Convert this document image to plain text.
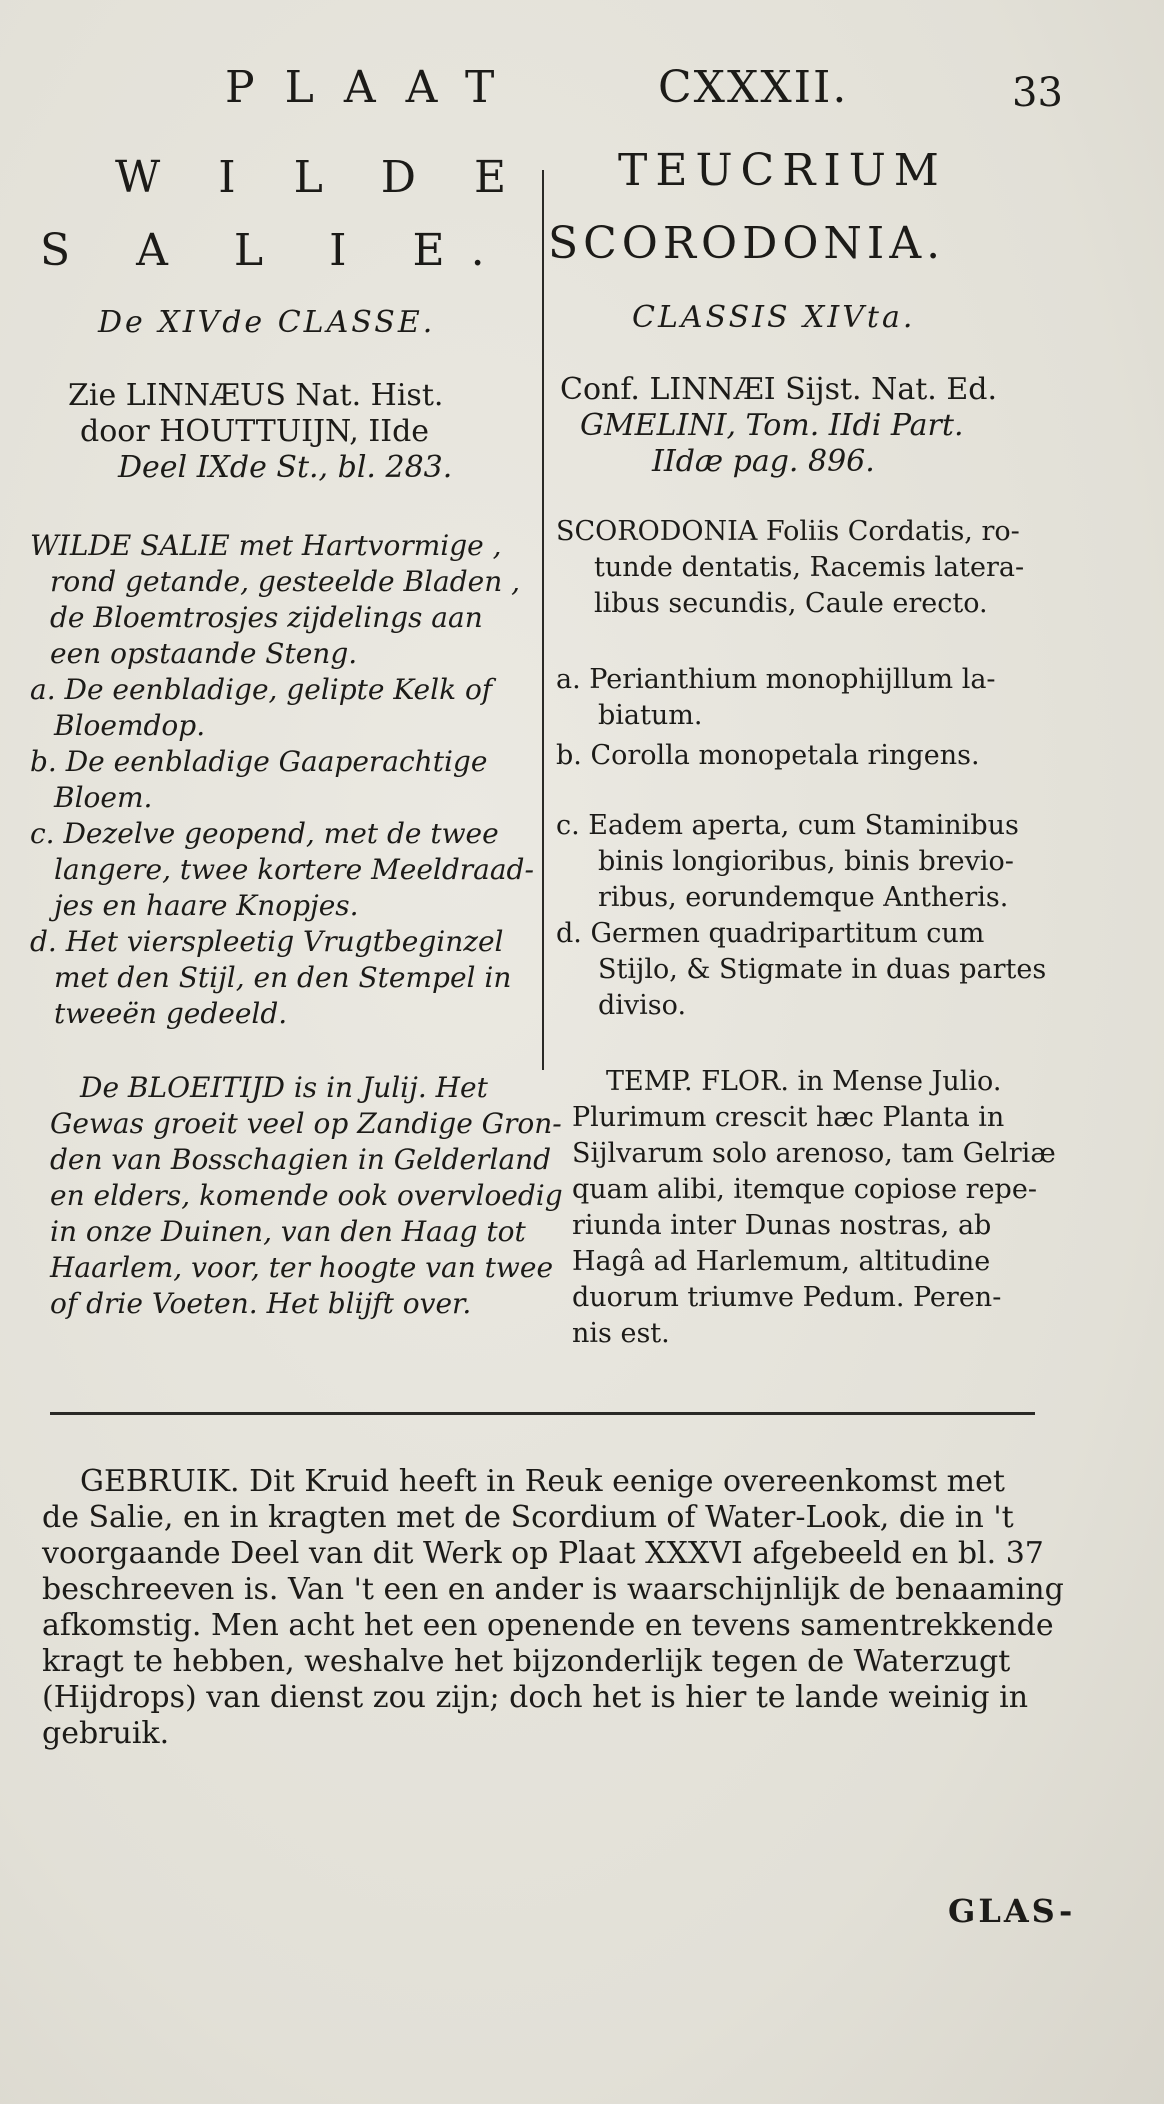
PLAAT	CXXXII.	33
W I L D E
S A L I E.
De XIVde CLASSE.
Zie LINNÆUS Nat. Hist.
door HOUTTUIJN, IIde
Deel IXde St., bl. 283.
WILDE SALIE met Hartvormige ,
rond getande, gesteelde Bladen ,
de Bloemtrosjes zijdelings aan
een opstaande Steng.
a. De eenbladige, gelipte Kelk of
Bloemdop.
b. De eenbladige Gaaperachtige
Bloem.
c. Dezelve geopend, met de twee
langere, twee kortere Meeldraad-
jes en haare Knopjes.
d. Het vierspleetig Vrugtbeginzel
met den Stijl, en den Stempel in
tweeën gedeeld.
De BLOEITIJD is in Julij. Het
Gewas groeit veel op Zandige Gron-
den van Bosschagien in Gelderland
en elders, komende ook overvloedig
in onze Duinen, van den Haag tot
Haarlem, voor, ter hoogte van twee
of drie Voeten. Het blijft over.
TEUCRIUM
SCORODONIA.
CLASSIS XIVta.
Conf. LINNÆI Sijst. Nat. Ed.
GMELINI, Tom. IIdi Part.
IIdæ pag. 896.
SCORODONIA Foliis Cordatis, ro-
tunde dentatis, Racemis latera-
libus secundis, Caule erecto.
a. Perianthium monophijllum la-
biatum.
b. Corolla monopetala ringens.
c. Eadem aperta, cum Staminibus
binis longioribus, binis brevio-
ribus, eorundemque Antheris.
d. Germen quadripartitum cum
Stijlo, & Stigmate in duas partes
diviso.
TEMP. FLOR. in Mense Julio.
Plurimum crescit hæc Planta in
Sijlvarum solo arenoso, tam Gelriæ
quam alibi, itemque copiose repe-
riunda inter Dunas nostras, ab
Hagâ ad Harlemum, altitudine
duorum triumve Pedum. Peren-
nis est.
GEBRUIK. Dit Kruid heeft in Reuk eenige overeenkomst met
de Salie, en in kragten met de Scordium of Water-Look, die in 't
voorgaande Deel van dit Werk op Plaat XXXVI afgebeeld en bl. 37
beschreeven is. Van 't een en ander is waarschijnlijk de benaaming
afkomstig. Men acht het een openende en tevens samentrekkende
kragt te hebben, weshalve het bijzonderlijk tegen de Waterzugt
(Hijdrops) van dienst zou zijn; doch het is hier te lande weinig in
gebruik.
GLAS-
